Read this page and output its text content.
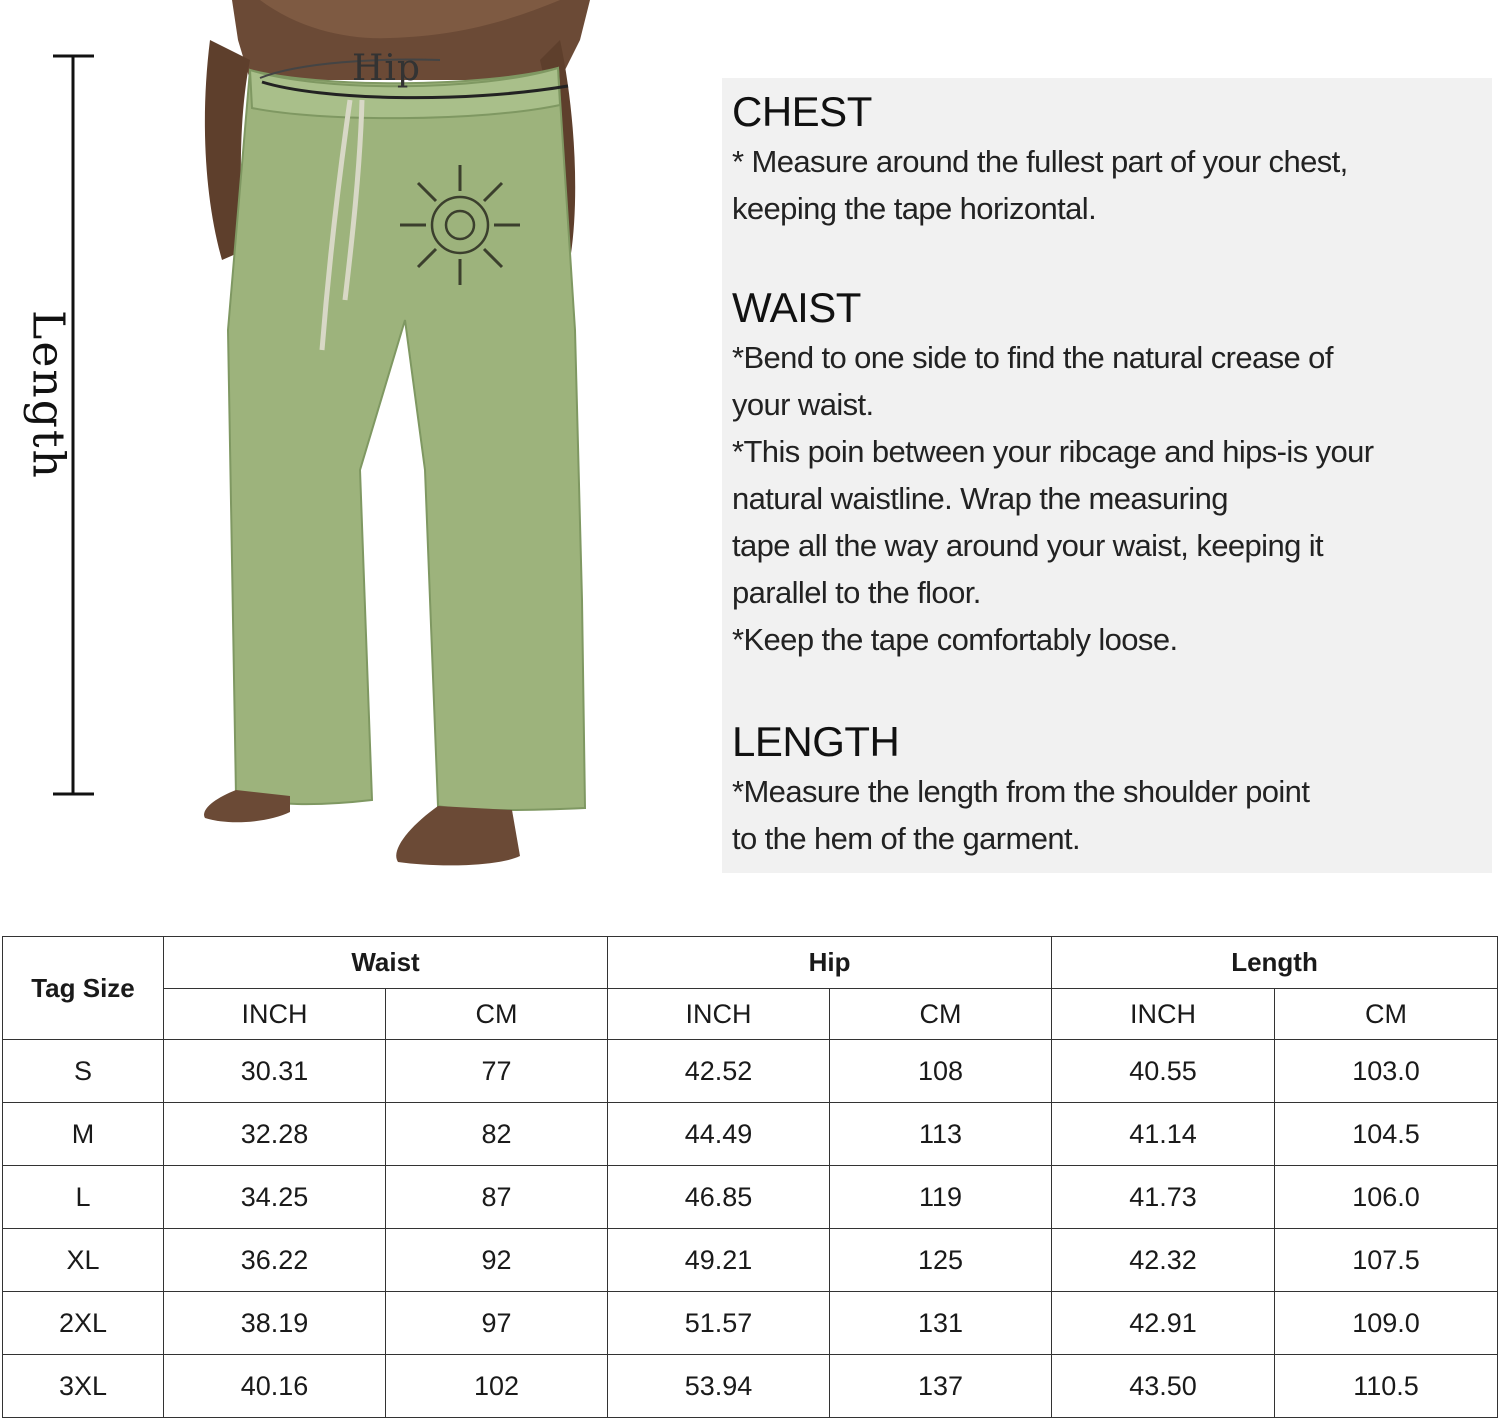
Length
Hip
CHEST

* Measure around the fullest part of your chest,

keeping the tape horizontal.

WAIST

*Bend to one side to find the natural crease of

your waist.

*This poin between your ribcage and hips-is your

natural waistline. Wrap the measuring

tape all the way around your waist, keeping it

parallel to the floor.

*Keep the tape comfortably loose.

LENGTH

*Measure the length from the shoulder point

to the hem of the garment.

Tag Size	Waist		Hip		Length	
	INCH	CM	INCH	CM	INCH	CM
S	30.31	77	42.52	108	40.55	103.0
M	32.28	82	44.49	113	41.14	104.5
L	34.25	87	46.85	119	41.73	106.0
XL	36.22	92	49.21	125	42.32	107.5
2XL	38.19	97	51.57	131	42.91	109.0
3XL	40.16	102	53.94	137	43.50	110.5
